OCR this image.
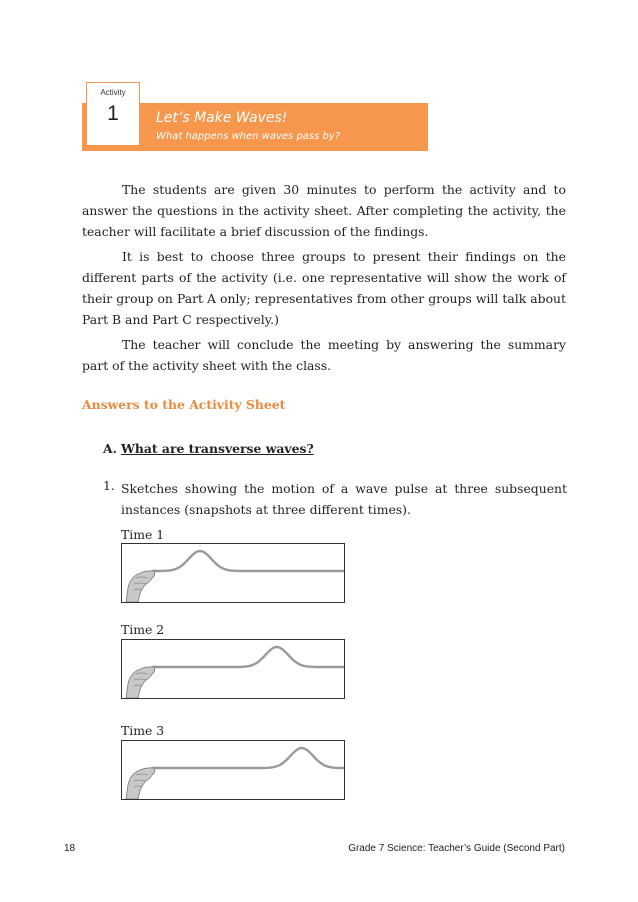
Activity
1	Let’s Make Waves!
What happens when waves pass by?

The students are given 30 minutes to perform the activity and to answer the questions in the activity sheet. After completing the activity, the teacher will facilitate a brief discussion of the findings.

It is best to choose three groups to present their findings on the different parts of the activity (i.e. one representative will show the work of their group on Part A only; representatives from other groups will talk about Part B and Part C respectively.)

The teacher will conclude the meeting by answering the summary part of the activity sheet with the class.

Answers to the Activity Sheet
A. What are transverse waves?
1. Sketches showing the motion of a wave pulse at three subsequent instances (snapshots at three different times).

Time 1
Time 2
Time 3
18	Grade 7 Science: Teacher’s Guide (Second Part)
